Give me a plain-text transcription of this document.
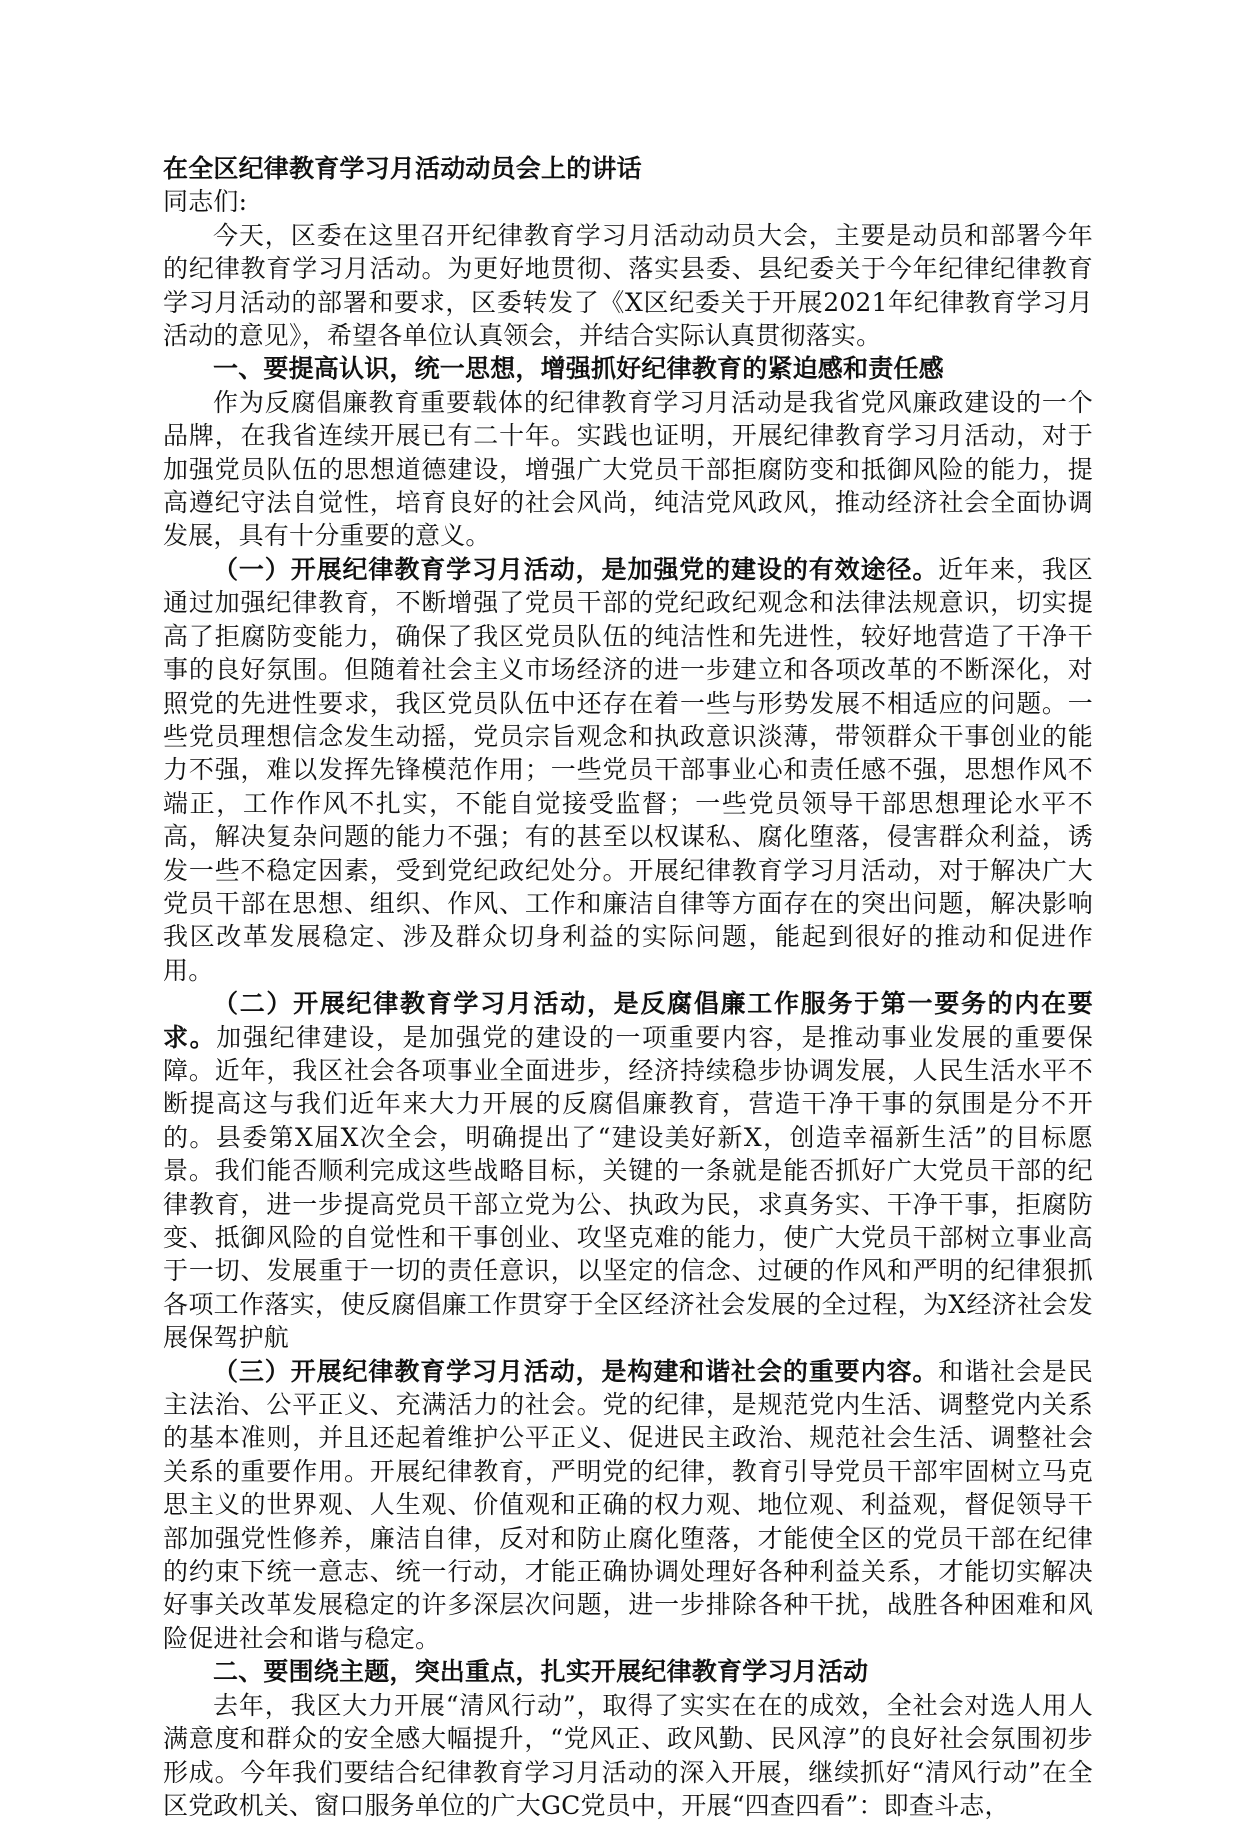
在全区纪律教育学习月活动动员会上的讲话

同志们:

今天，区委在这里召开纪律教育学习月活动动员大会，主要是动员和部署今年的纪律教育学习月活动。为更好地贯彻、落实县委、县纪委关于今年纪律纪律教育学习月活动的部署和要求，区委转发了《X区纪委关于开展2021年纪律教育学习月活动的意见》，希望各单位认真领会，并结合实际认真贯彻落实。

一、要提高认识，统一思想，增强抓好纪律教育的紧迫感和责任感

作为反腐倡廉教育重要载体的纪律教育学习月活动是我省党风廉政建设的一个品牌，在我省连续开展已有二十年。实践也证明，开展纪律教育学习月活动，对于加强党员队伍的思想道德建设，增强广大党员干部拒腐防变和抵御风险的能力，提高遵纪守法自觉性，培育良好的社会风尚，纯洁党风政风，推动经济社会全面协调发展，具有十分重要的意义。

（一）开展纪律教育学习月活动，是加强党的建设的有效途径。近年来，我区通过加强纪律教育，不断增强了党员干部的党纪政纪观念和法律法规意识，切实提高了拒腐防变能力，确保了我区党员队伍的纯洁性和先进性，较好地营造了干净干事的良好氛围。但随着社会主义市场经济的进一步建立和各项改革的不断深化，对照党的先进性要求，我区党员队伍中还存在着一些与形势发展不相适应的问题。一些党员理想信念发生动摇，党员宗旨观念和执政意识淡薄，带领群众干事创业的能力不强，难以发挥先锋模范作用；一些党员干部事业心和责任感不强，思想作风不端正，工作作风不扎实，不能自觉接受监督；一些党员领导干部思想理论水平不高，解决复杂问题的能力不强；有的甚至以权谋私、腐化堕落，侵害群众利益，诱发一些不稳定因素，受到党纪政纪处分。开展纪律教育学习月活动，对于解决广大党员干部在思想、组织、作风、工作和廉洁自律等方面存在的突出问题，解决影响我区改革发展稳定、涉及群众切身利益的实际问题，能起到很好的推动和促进作用。

（二）开展纪律教育学习月活动，是反腐倡廉工作服务于第一要务的内在要求。加强纪律建设，是加强党的建设的一项重要内容，是推动事业发展的重要保障。近年，我区社会各项事业全面进步，经济持续稳步协调发展，人民生活水平不断提高这与我们近年来大力开展的反腐倡廉教育，营造干净干事的氛围是分不开的。县委第X届X次全会，明确提出了“建设美好新X，创造幸福新生活”的目标愿景。我们能否顺利完成这些战略目标，关键的一条就是能否抓好广大党员干部的纪律教育，进一步提高党员干部立党为公、执政为民，求真务实、干净干事，拒腐防变、抵御风险的自觉性和干事创业、攻坚克难的能力，使广大党员干部树立事业高于一切、发展重于一切的责任意识，以坚定的信念、过硬的作风和严明的纪律狠抓各项工作落实，使反腐倡廉工作贯穿于全区经济社会发展的全过程，为X经济社会发展保驾护航

（三）开展纪律教育学习月活动，是构建和谐社会的重要内容。和谐社会是民主法治、公平正义、充满活力的社会。党的纪律，是规范党内生活、调整党内关系的基本准则，并且还起着维护公平正义、促进民主政治、规范社会生活、调整社会关系的重要作用。开展纪律教育，严明党的纪律，教育引导党员干部牢固树立马克思主义的世界观、人生观、价值观和正确的权力观、地位观、利益观，督促领导干部加强党性修养，廉洁自律，反对和防止腐化堕落，才能使全区的党员干部在纪律的约束下统一意志、统一行动，才能正确协调处理好各种利益关系，才能切实解决好事关改革发展稳定的许多深层次问题，进一步排除各种干扰，战胜各种困难和风险促进社会和谐与稳定。

二、要围绕主题，突出重点，扎实开展纪律教育学习月活动

去年，我区大力开展“清风行动”，取得了实实在在的成效，全社会对选人用人满意度和群众的安全感大幅提升，“党风正、政风勤、民风淳”的良好社会氛围初步形成。今年我们要结合纪律教育学习月活动的深入开展，继续抓好“清风行动”在全区党政机关、窗口服务单位的广大GC党员中，开展“四查四看”：即查斗志，
